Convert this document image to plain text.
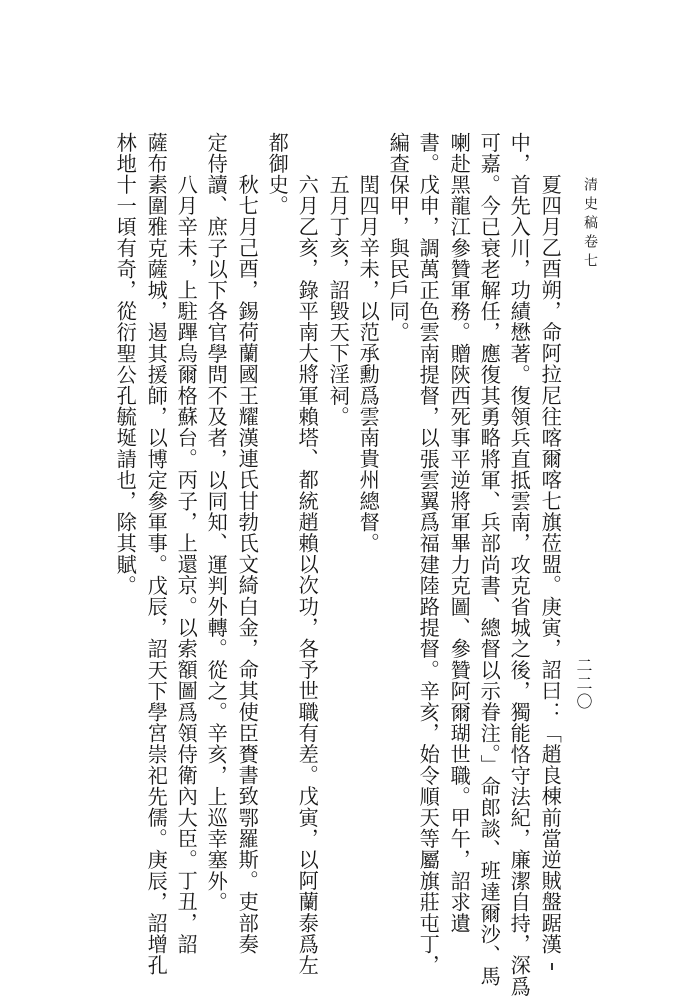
清史稿卷七
二二〇
夏四月乙酉朔，命阿拉尼往喀爾喀七旗莅盟。庚寅，詔曰：「趙良棟前當逆賊盤踞漢
中，首先入川，功績懋著。復領兵直抵雲南，攻克省城之後，獨能恪守法紀，廉潔自持，深爲
可嘉。今已衰老解任，應復其勇略將軍、兵部尚書、總督以示眷注。」命郎談、班達爾沙、馬
喇赴黑龍江參贊軍務。贈陝西死事平逆將軍畢力克圖、參贊阿爾瑚世職。甲午，詔求遺
書。戊申，調萬正色雲南提督，以張雲翼爲福建陸路提督。辛亥，始令順天等屬旗莊屯丁，
編查保甲，與民戶同。
閏四月辛未，以范承勳爲雲南貴州總督。
五月丁亥，詔毀天下淫祠。
六月乙亥，錄平南大將軍賴塔、都統趙賴以次功，各予世職有差。戊寅，以阿蘭泰爲左
都御史。
秋七月己酉，錫荷蘭國王耀漢連氏甘勃氏文綺白金，命其使臣賚書致鄂羅斯。吏部奏
定侍讀、庶子以下各官學問不及者，以同知、運判外轉。從之。辛亥，上巡幸塞外。
八月辛未，上駐蹕烏爾格蘇台。丙子，上還京。以索額圖爲領侍衛內大臣。丁丑，詔
薩布素圍雅克薩城，遏其援師，以博定參軍事。戊辰，詔天下學宮崇祀先儒。庚辰，詔增孔
林地十一頃有奇，從衍聖公孔毓埏請也，除其賦。
